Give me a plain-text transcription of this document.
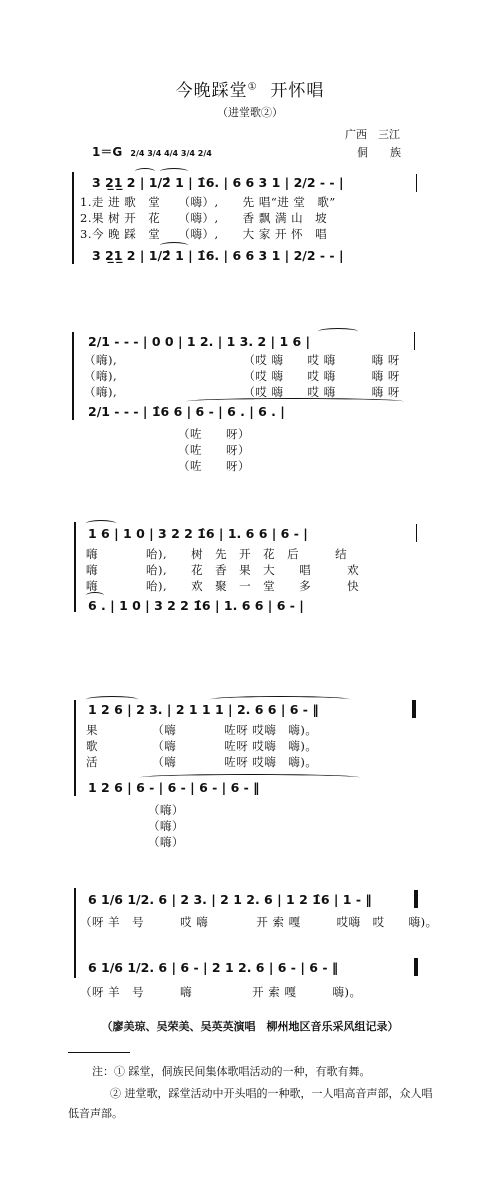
今晚踩堂① 开怀唱
（进堂歌②）
广西　三江
侗　　族
1＝G 2/4 3/4 4/4 3/4 2/4
3 2̲1̲ 2 | 1/2̂ 1 | 1̂6. | 6 6 3 1 | 2/2 - - |
1.走 进 歌　堂　　（嗨）,　　先 唱“进 堂　歌”
2.果 树 开　花　　（嗨）,　　香 飘 满 山　坡
3.今 晚 踩　堂　　（嗨）,　　大 家 开 怀　唱
3 2̲1̲ 2 | 1/2̂ 1 | 1̂6. | 6 6 3 1 | 2/2 - - |
2/1 - - - | 0 0 | 1 2. | 1 3. 2 | 1 6 |
（嗨),　　　　　　　　　　　（哎 嗨　　哎 嗨　　　嗨 呀
（嗨),　　　　　　　　　　　（哎 嗨　　哎 嗨　　　嗨 呀
（嗨),　　　　　　　　　　　（哎 嗨　　哎 嗨　　　嗨 呀
2/1 - - - | 1̂6 6 | 6 - | 6 . | 6 . |
（咗　　呀）
（咗　　呀）
（咗　　呀）
1 6 | 1 0 | 3 2 2 1̂6 | 1. 6 6 | 6 - |
嗨　　　　咍),　　树　先　开　花　后　　　结
嗨　　　　咍),　　花　香　果　大　　唱　　　欢
嗨　　　　咍),　　欢　聚　一　堂　　多　　　快
6 . | 1 0 | 3 2 2 1̂6 | 1. 6 6 | 6 - |
1 2 6 | 2 3. | 2 1 1 1 | 2. 6 6 | 6 - ‖
果　　　　　（嗨　　　　咗呀 哎嗨　嗨)。
歌　　　　　（嗨　　　　咗呀 哎嗨　嗨)。
活　　　　　（嗨　　　　咗呀 哎嗨　嗨)。
1 2 6 | 6 - | 6 - | 6 - | 6 - ‖
（嗨）
（嗨）
（嗨）
6 1/6 1/2. 6 | 2 3. | 2 1 2. 6 | 1 2 1̂6 | 1 - ‖
（呀 羊　号　　　哎 嗨　　　　开 索 嘎　　　哎嗨　哎　　嗨)。
6 1/6 1/2. 6 | 6 - | 2 1 2. 6 | 6 - | 6 - ‖
（呀 羊　号　　　嗨　　　　　开 索 嘎　　　嗨)。
（廖美琼、吴荣美、吴英英演唱　柳州地区音乐采风组记录）
注：① 踩堂，侗族民间集体歌唱活动的一种，有歌有舞。
② 进堂歌，踩堂活动中开头唱的一种歌，一人唱高音声部，众人唱
低音声部。
